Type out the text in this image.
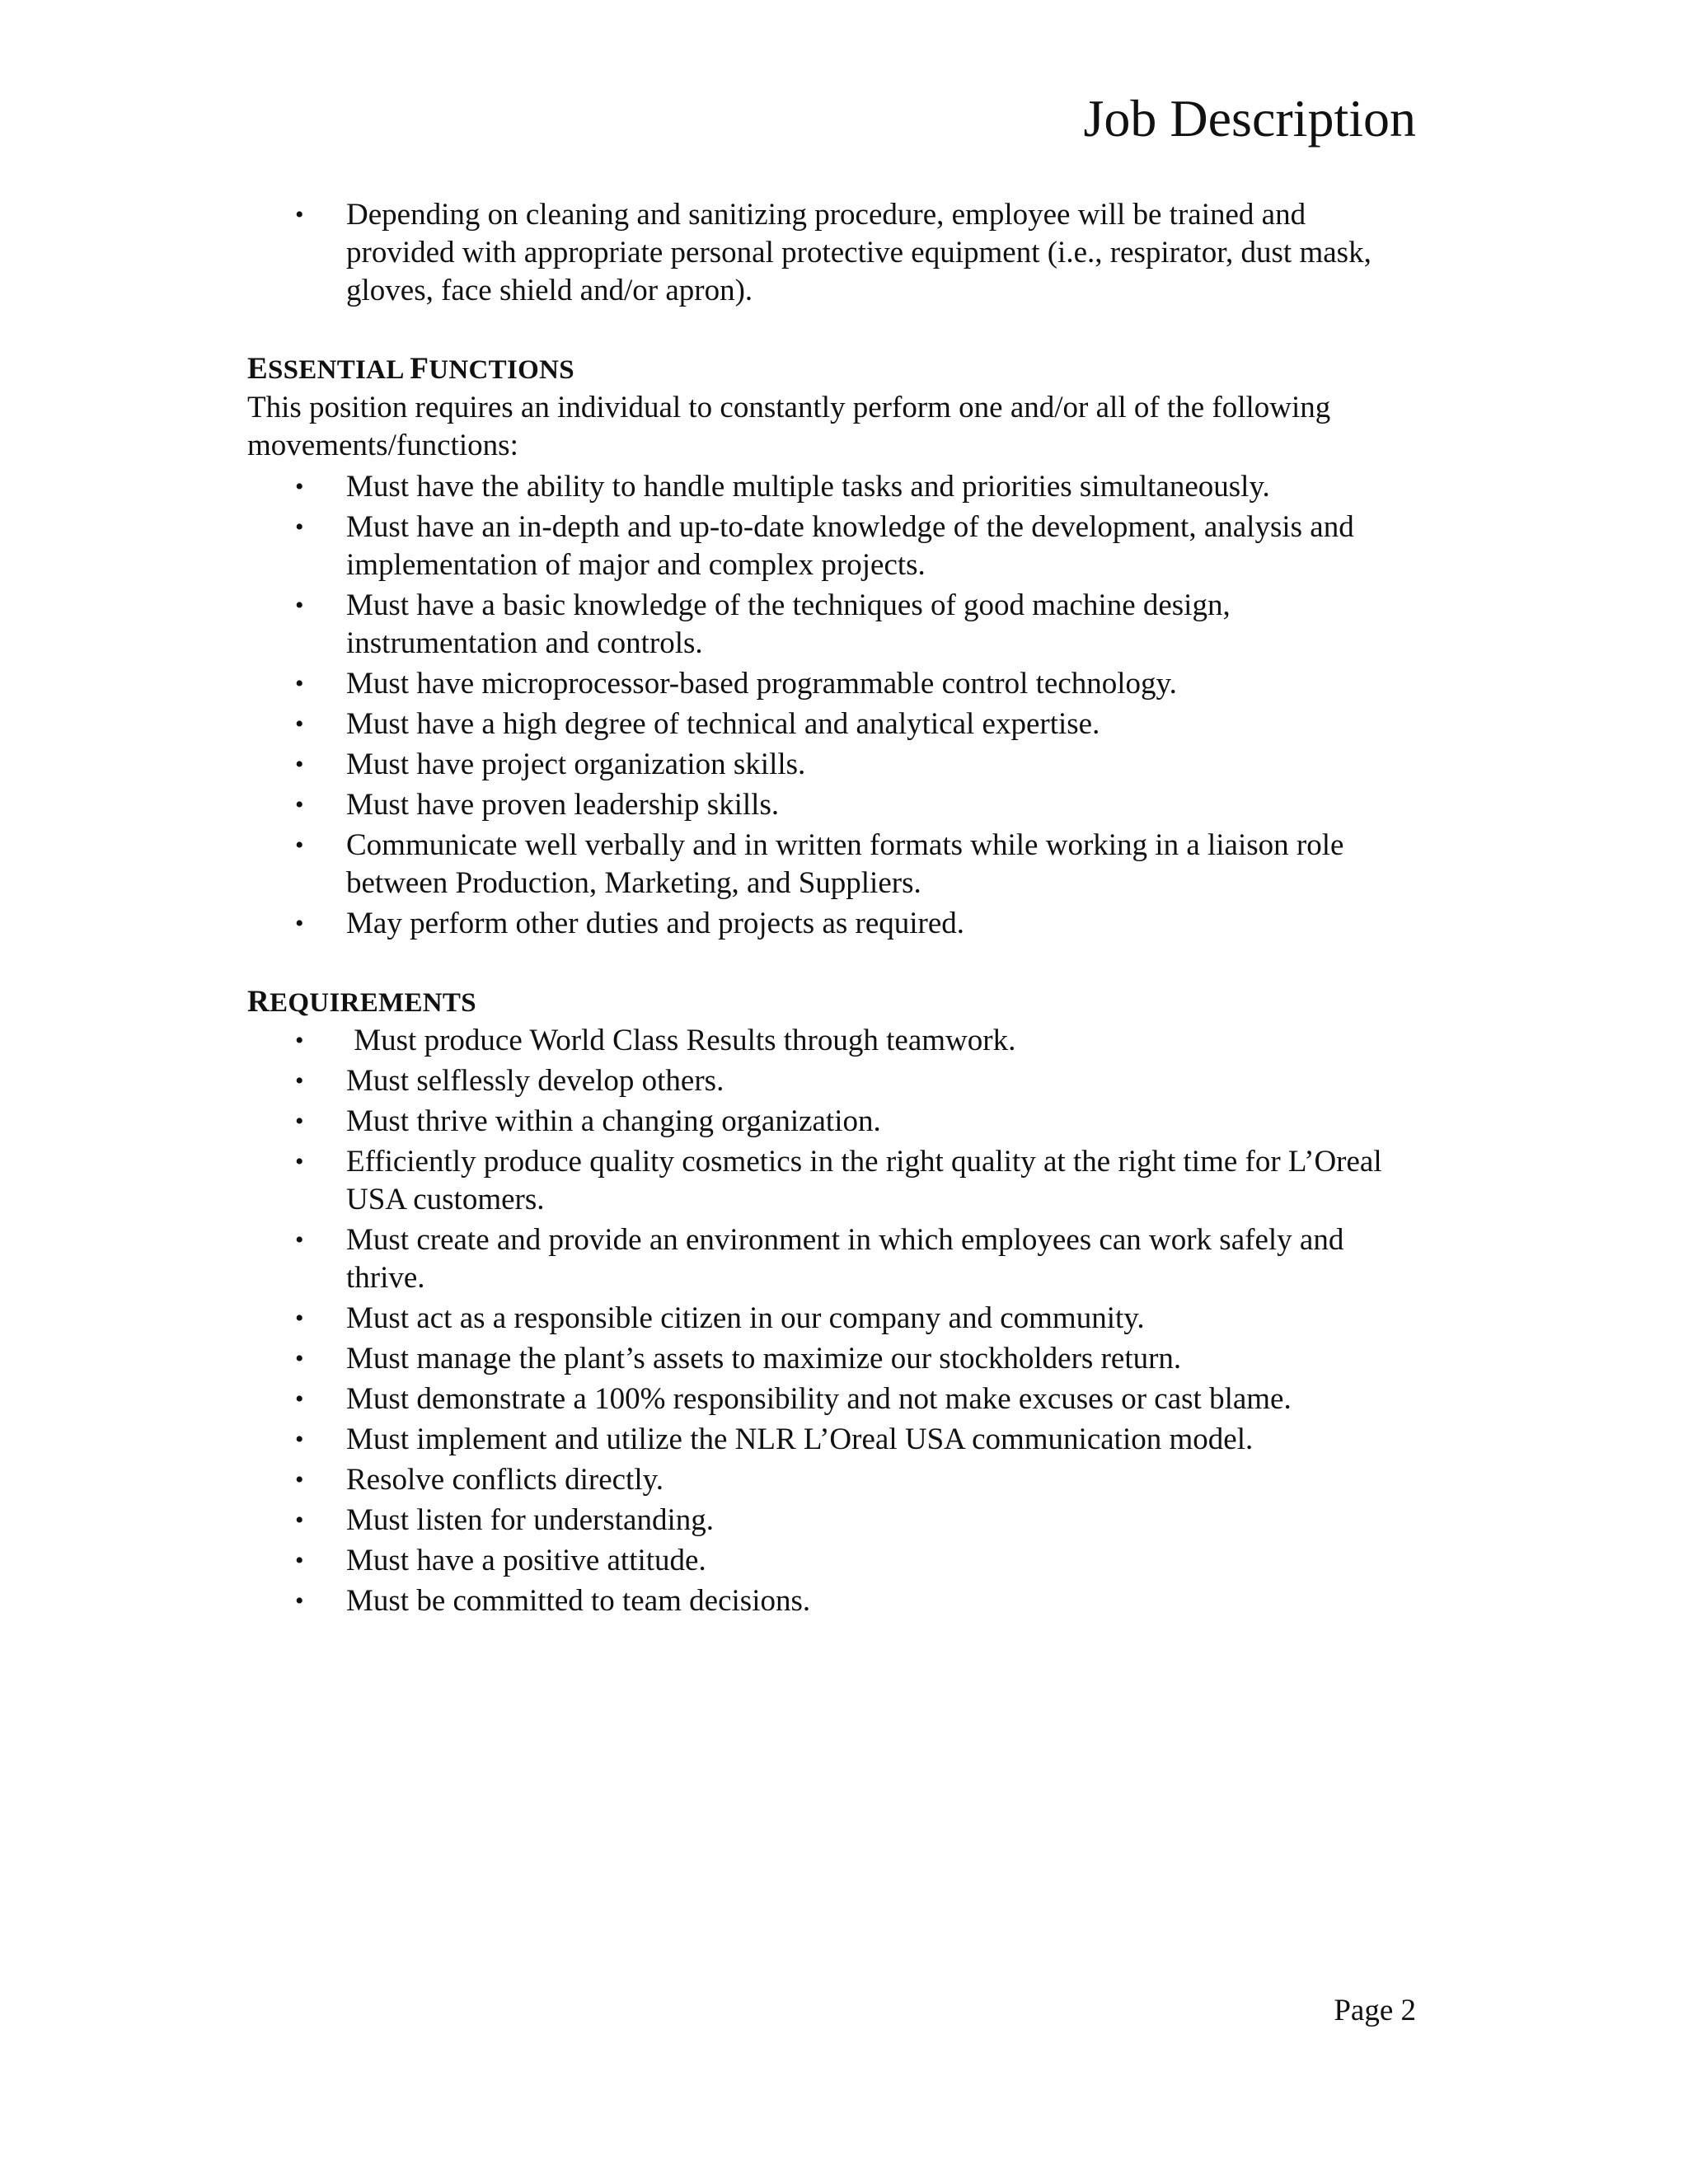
Job Description
• Depending on cleaning and sanitizing procedure, employee will be trained and provided with appropriate personal protective equipment (i.e., respirator, dust mask, gloves, face shield and/or apron).

ESSENTIAL FUNCTIONS

This position requires an individual to constantly perform one and/or all of the following movements/functions:

• Must have the ability to handle multiple tasks and priorities simultaneously.
• Must have an in-depth and up-to-date knowledge of the development, analysis and implementation of major and complex projects.
• Must have a basic knowledge of the techniques of good machine design, instrumentation and controls.
• Must have microprocessor-based programmable control technology.
• Must have a high degree of technical and analytical expertise.
• Must have project organization skills.
• Must have proven leadership skills.
• Communicate well verbally and in written formats while working in a liaison role between Production, Marketing, and Suppliers.
• May perform other duties and projects as required.

REQUIREMENTS

• Must produce World Class Results through teamwork.
• Must selflessly develop others.
• Must thrive within a changing organization.
• Efficiently produce quality cosmetics in the right quality at the right time for L’Oreal USA customers.
• Must create and provide an environment in which employees can work safely and thrive.
• Must act as a responsible citizen in our company and community.
• Must manage the plant’s assets to maximize our stockholders return.
• Must demonstrate a 100% responsibility and not make excuses or cast blame.
• Must implement and utilize the NLR L’Oreal USA communication model.
• Resolve conflicts directly.
• Must listen for understanding.
• Must have a positive attitude.
• Must be committed to team decisions.
Page 2
